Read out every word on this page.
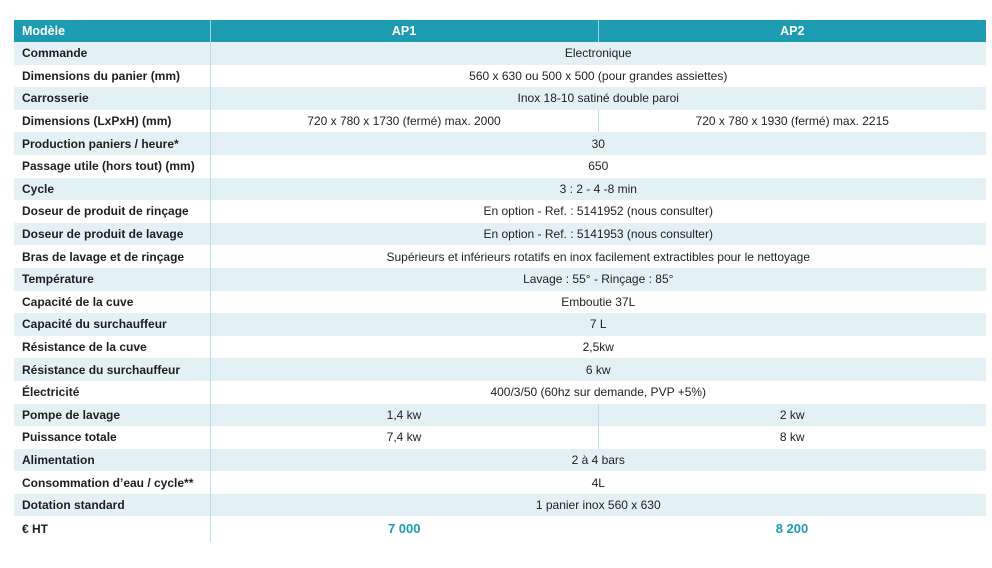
Modèle	AP1	AP2
Commande	Electronique	
Dimensions du panier (mm)	560 x 630 ou 500 x 500 (pour grandes assiettes)	
Carrosserie	Inox 18-10 satiné double paroi	
Dimensions (LxPxH) (mm)	720 x 780 x 1730 (fermé) max. 2000	720 x 780 x 1930 (fermé) max. 2215
Production paniers / heure*	30	
Passage utile (hors tout) (mm)	650	
Cycle	3 : 2 - 4 -8 min	
Doseur de produit de rinçage	En option - Ref. : 5141952 (nous consulter)	
Doseur de produit de lavage	En option - Ref. : 5141953 (nous consulter)	
Bras de lavage et de rinçage	Supérieurs et inférieurs rotatifs en inox facilement extractibles pour le nettoyage	
Température	Lavage : 55° - Rinçage : 85°	
Capacité de la cuve	Emboutie 37L	
Capacité du surchauffeur	7 L	
Résistance de la cuve	2,5kw	
Résistance du surchauffeur	6 kw	
Électricité	400/3/50 (60hz sur demande, PVP +5%)	
Pompe de lavage	1,4 kw	2 kw
Puissance totale	7,4 kw	8 kw
Alimentation	2 à 4 bars	
Consommation d’eau / cycle**	4L	
Dotation standard	1 panier inox 560 x 630	
€ HT	7 000	8 200
